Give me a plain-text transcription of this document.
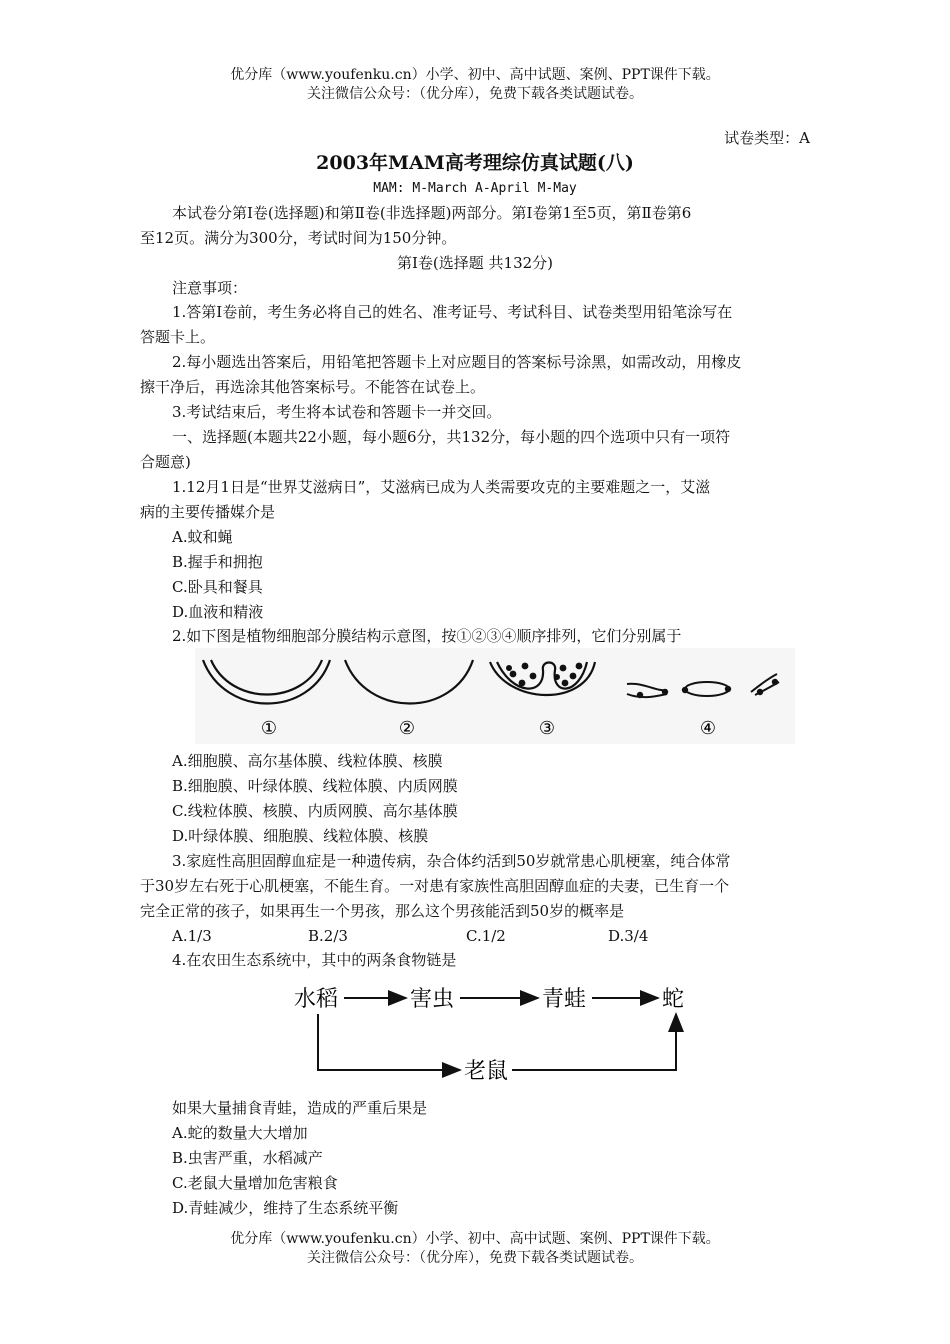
优分库（www.youfenku.cn）小学、初中、高中试题、案例、PPT课件下载。
关注微信公众号：（优分库），免费下载各类试题试卷。
试卷类型：A
2003年MAM高考理综仿真试题(八)
MAM: M-March A-April M-May
本试卷分第Ⅰ卷(选择题)和第Ⅱ卷(非选择题)两部分。第Ⅰ卷第1至5页，第Ⅱ卷第6
至12页。满分为300分，考试时间为150分钟。
第Ⅰ卷(选择题 共132分)
注意事项：
1.答第Ⅰ卷前，考生务必将自己的姓名、准考证号、考试科目、试卷类型用铅笔涂写在
答题卡上。
2.每小题选出答案后，用铅笔把答题卡上对应题目的答案标号涂黑，如需改动，用橡皮
擦干净后，再选涂其他答案标号。不能答在试卷上。
3.考试结束后，考生将本试卷和答题卡一并交回。
一、选择题(本题共22小题，每小题6分，共132分，每小题的四个选项中只有一项符
合题意)
1.12月1日是“世界艾滋病日”，艾滋病已成为人类需要攻克的主要难题之一，艾滋
病的主要传播媒介是
A.蚊和蝇
B.握手和拥抱
C.卧具和餐具
D.血液和精液
2.如下图是植物细胞部分膜结构示意图，按①②③④顺序排列，它们分别属于
①	②	③	④
A.细胞膜、高尔基体膜、线粒体膜、核膜
B.细胞膜、叶绿体膜、线粒体膜、内质网膜
C.线粒体膜、核膜、内质网膜、高尔基体膜
D.叶绿体膜、细胞膜、线粒体膜、核膜
3.家庭性高胆固醇血症是一种遗传病，杂合体约活到50岁就常患心肌梗塞，纯合体常
于30岁左右死于心肌梗塞，不能生育。一对患有家族性高胆固醇血症的夫妻，已生育一个
完全正常的孩子，如果再生一个男孩，那么这个男孩能活到50岁的概率是
A.1/3	B.2/3	C.1/2	D.3/4
4.在农田生态系统中，其中的两条食物链是
水稻	害虫	青蛙	蛇
老鼠
如果大量捕食青蛙，造成的严重后果是
A.蛇的数量大大增加
B.虫害严重，水稻减产
C.老鼠大量增加危害粮食
D.青蛙减少，维持了生态系统平衡
优分库（www.youfenku.cn）小学、初中、高中试题、案例、PPT课件下载。
关注微信公众号：（优分库），免费下载各类试题试卷。
